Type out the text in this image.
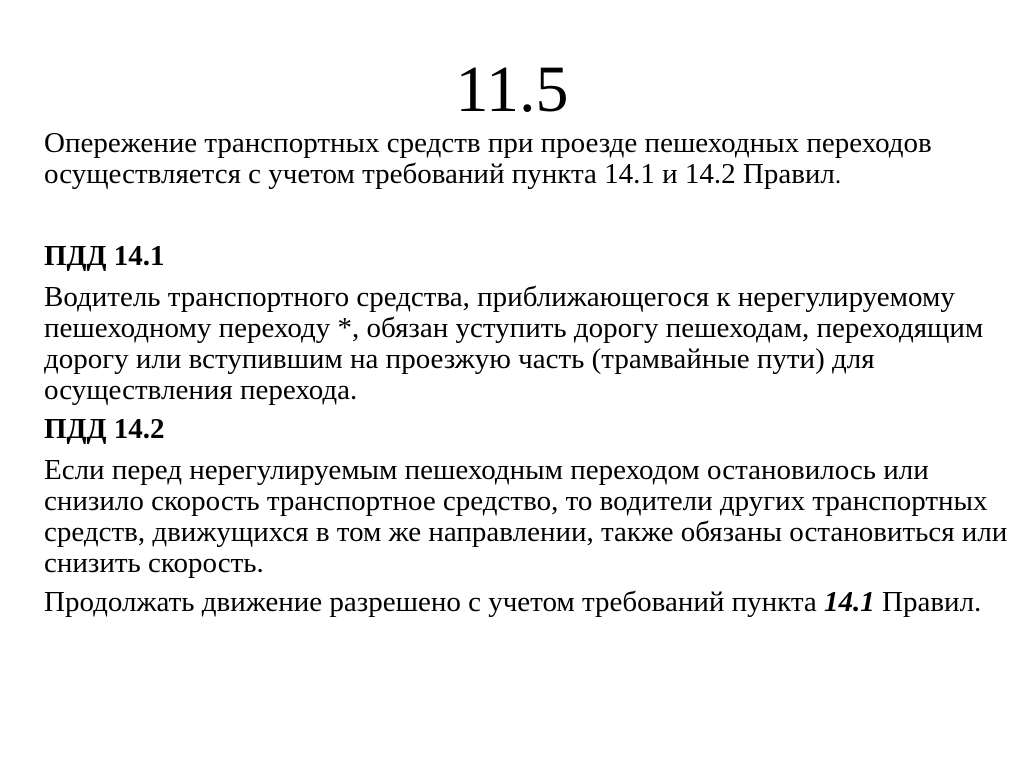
11.5

Опережение транспортных средств при проезде пешеходных переходов осуществляется с учетом требований пункта 14.1 и 14.2 Правил.

ПДД 14.1

Водитель транспортного средства, приближающегося к нерегулируемому пешеходному переходу *, обязан уступить дорогу пешеходам, переходящим дорогу или вступившим на проезжую часть (трамвайные пути) для осуществления перехода.

ПДД 14.2

Если перед нерегулируемым пешеходным переходом остановилось или снизило скорость транспортное средство, то водители других транспортных средств, движущихся в том же направлении, также обязаны остановиться или снизить скорость.

Продолжать движение разрешено с учетом требований пункта 14.1 Правил.
